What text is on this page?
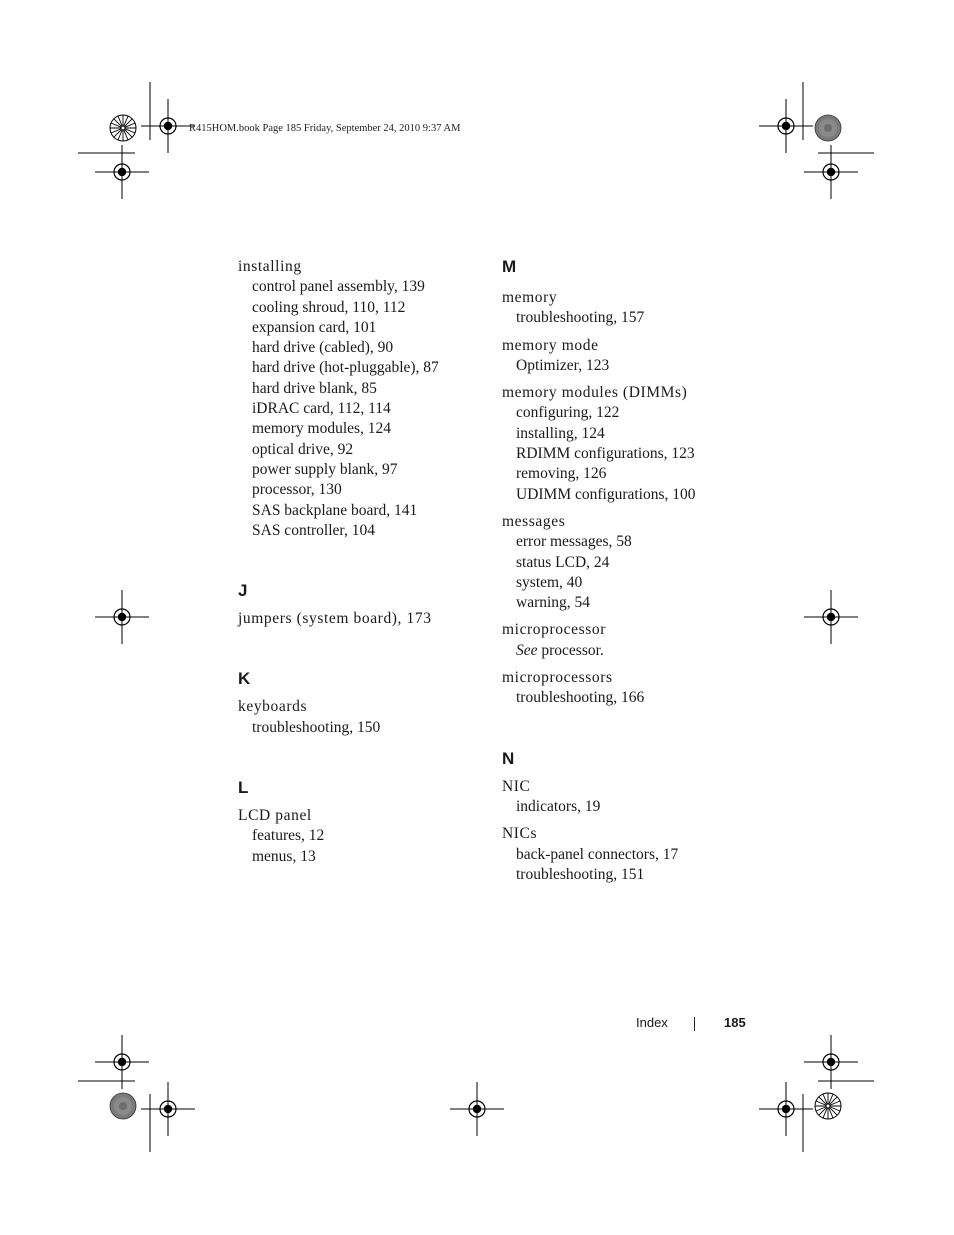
R415HOM.book Page 185 Friday, September 24, 2010 9:37 AM
installing
control panel assembly, 139
cooling shroud, 110, 112
expansion card, 101
hard drive (cabled), 90
hard drive (hot-pluggable), 87
hard drive blank, 85
iDRAC card, 112, 114
memory modules, 124
optical drive, 92
power supply blank, 97
processor, 130
SAS backplane board, 141
SAS controller, 104
J
jumpers (system board), 173
K
keyboards
troubleshooting, 150
L
LCD panel
features, 12
menus, 13
M
memory
troubleshooting, 157
memory mode
Optimizer, 123
memory modules (DIMMs)
configuring, 122
installing, 124
RDIMM configurations, 123
removing, 126
UDIMM configurations, 100
messages
error messages, 58
status LCD, 24
system, 40
warning, 54
microprocessor
See processor.
microprocessors
troubleshooting, 166
N
NIC
indicators, 19
NICs
back-panel connectors, 17
troubleshooting, 151
Index	185
